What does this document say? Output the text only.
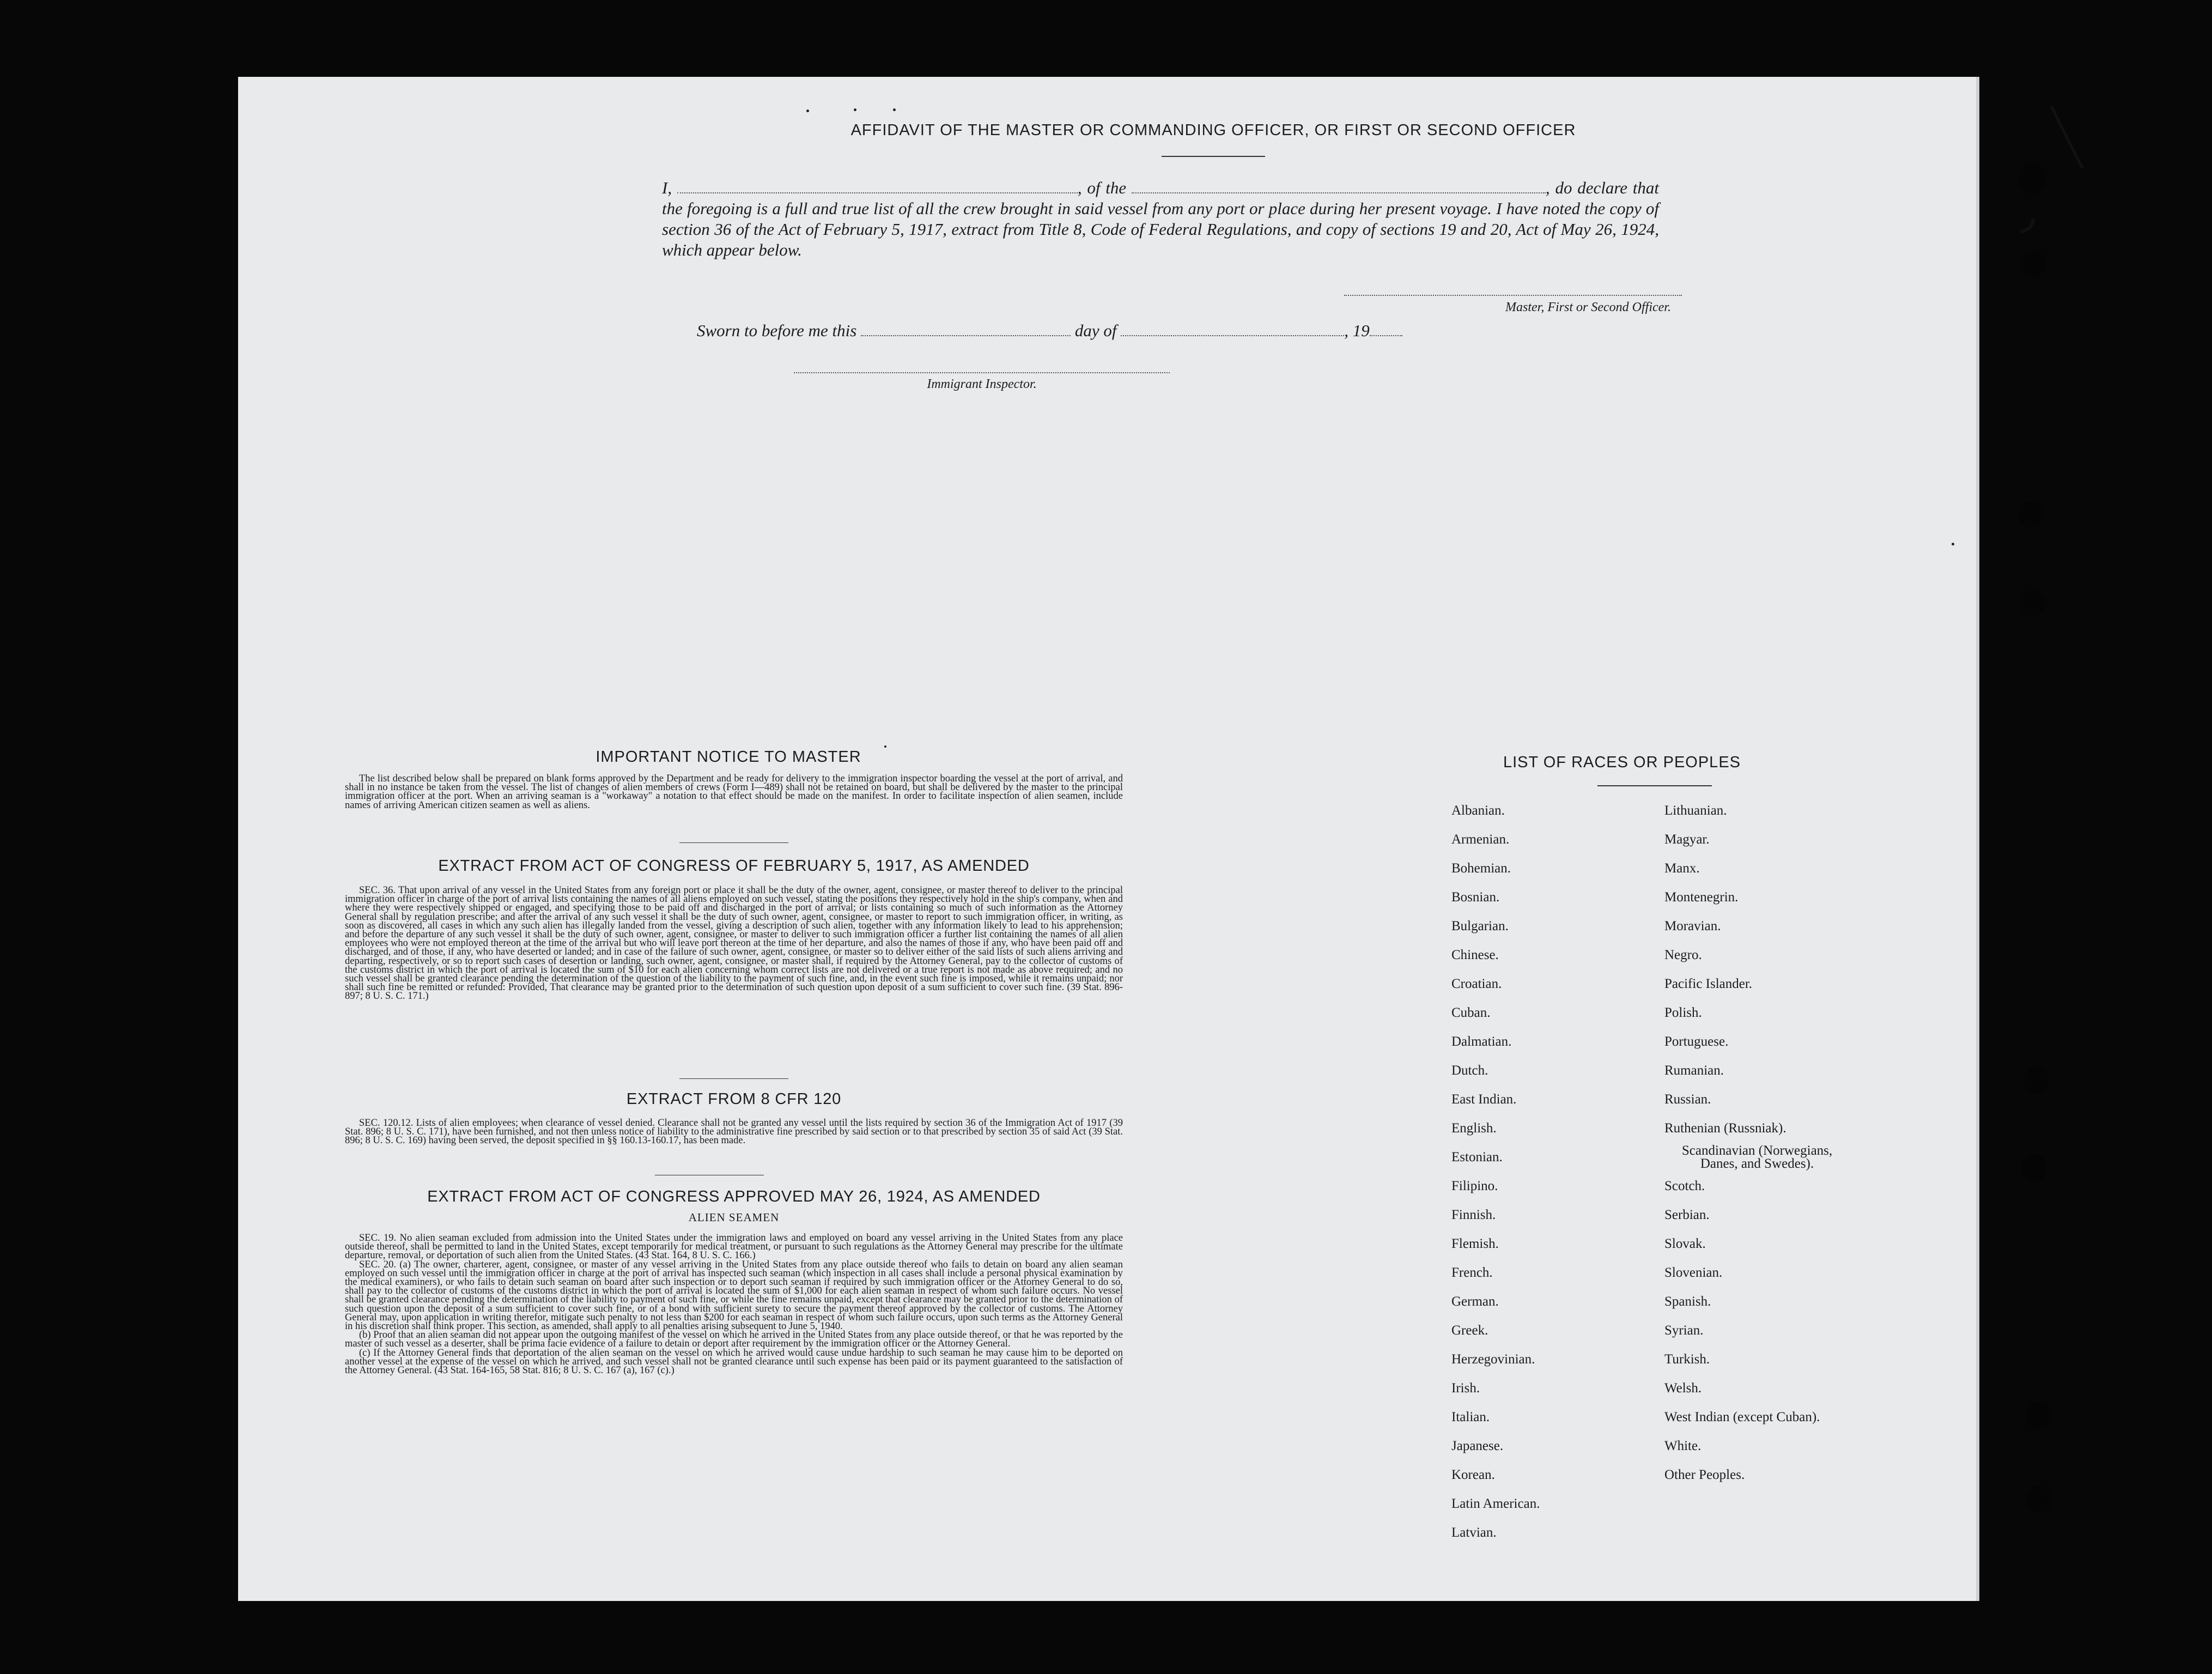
AFFIDAVIT OF THE MASTER OR COMMANDING OFFICER, OR FIRST OR SECOND OFFICER
I,	, of the	, do declare that the foregoing is a full and true list of all the crew brought in said vessel from any port or place during her present voyage. I have noted the copy of section 36 of the Act of February 5, 1917, extract from Title 8, Code of Federal Regulations, and copy of sections 19 and 20, Act of May 26, 1924, which appear below.
Master, First or Second Officer.
Sworn to before me this	day of	, 19
Immigrant Inspector.
IMPORTANT NOTICE TO MASTER

The list described below shall be prepared on blank forms approved by the Department and be ready for delivery to the immigration inspector boarding the vessel at the port of arrival, and shall in no instance be taken from the vessel. The list of changes of alien members of crews (Form I—489) shall not be retained on board, but shall be delivered by the master to the principal immigration officer at the port. When an arriving seaman is a "workaway" a notation to that effect should be made on the manifest. In order to facilitate inspection of alien seamen, include names of arriving American citizen seamen as well as aliens.

EXTRACT FROM ACT OF CONGRESS OF FEBRUARY 5, 1917, AS AMENDED

SEC. 36. That upon arrival of any vessel in the United States from any foreign port or place it shall be the duty of the owner, agent, consignee, or master thereof to deliver to the principal immigration officer in charge of the port of arrival lists containing the names of all aliens employed on such vessel, stating the positions they respectively hold in the ship's company, when and where they were respectively shipped or engaged, and specifying those to be paid off and discharged in the port of arrival; or lists containing so much of such information as the Attorney General shall by regulation prescribe; and after the arrival of any such vessel it shall be the duty of such owner, agent, consignee, or master to report to such immigration officer, in writing, as soon as discovered, all cases in which any such alien has illegally landed from the vessel, giving a description of such alien, together with any information likely to lead to his apprehension; and before the departure of any such vessel it shall be the duty of such owner, agent, consignee, or master to deliver to such immigration officer a further list containing the names of all alien employees who were not employed thereon at the time of the arrival but who will leave port thereon at the time of her departure, and also the names of those if any, who have been paid off and discharged, and of those, if any, who have deserted or landed; and in case of the failure of such owner, agent, consignee, or master so to deliver either of the said lists of such aliens arriving and departing, respectively, or so to report such cases of desertion or landing, such owner, agent, consignee, or master shall, if required by the Attorney General, pay to the collector of customs of the customs district in which the port of arrival is located the sum of $10 for each alien concerning whom correct lists are not delivered or a true report is not made as above required; and no such vessel shall be granted clearance pending the determination of the question of the liability to the payment of such fine, and, in the event such fine is imposed, while it remains unpaid; nor shall such fine be remitted or refunded: Provided, That clearance may be granted prior to the determination of such question upon deposit of a sum sufficient to cover such fine. (39 Stat. 896-897; 8 U. S. C. 171.)

EXTRACT FROM 8 CFR 120

SEC. 120.12. Lists of alien employees; when clearance of vessel denied. Clearance shall not be granted any vessel until the lists required by section 36 of the Immigration Act of 1917 (39 Stat. 896; 8 U. S. C. 171), have been furnished, and not then unless notice of liability to the administrative fine prescribed by said section or to that prescribed by section 35 of said Act (39 Stat. 896; 8 U. S. C. 169) having been served, the deposit specified in §§ 160.13-160.17, has been made.

EXTRACT FROM ACT OF CONGRESS APPROVED MAY 26, 1924, AS AMENDED
ALIEN SEAMEN

SEC. 19. No alien seaman excluded from admission into the United States under the immigration laws and employed on board any vessel arriving in the United States from any place outside thereof, shall be permitted to land in the United States, except temporarily for medical treatment, or pursuant to such regulations as the Attorney General may prescribe for the ultimate departure, removal, or deportation of such alien from the United States. (43 Stat. 164, 8 U. S. C. 166.)

SEC. 20. (a) The owner, charterer, agent, consignee, or master of any vessel arriving in the United States from any place outside thereof who fails to detain on board any alien seaman employed on such vessel until the immigration officer in charge at the port of arrival has inspected such seaman (which inspection in all cases shall include a personal physical examination by the medical examiners), or who fails to detain such seaman on board after such inspection or to deport such seaman if required by such immigration officer or the Attorney General to do so, shall pay to the collector of customs of the customs district in which the port of arrival is located the sum of $1,000 for each alien seaman in respect of whom such failure occurs. No vessel shall be granted clearance pending the determination of the liability to payment of such fine, or while the fine remains unpaid, except that clearance may be granted prior to the determination of such question upon the deposit of a sum sufficient to cover such fine, or of a bond with sufficient surety to secure the payment thereof approved by the collector of customs. The Attorney General may, upon application in writing therefor, mitigate such penalty to not less than $200 for each seaman in respect of whom such failure occurs, upon such terms as the Attorney General in his discretion shall think proper. This section, as amended, shall apply to all penalties arising subsequent to June 5, 1940.

(b) Proof that an alien seaman did not appear upon the outgoing manifest of the vessel on which he arrived in the United States from any place outside thereof, or that he was reported by the master of such vessel as a deserter, shall be prima facie evidence of a failure to detain or deport after requirement by the immigration officer or the Attorney General.

(c) If the Attorney General finds that deportation of the alien seaman on the vessel on which he arrived would cause undue hardship to such seaman he may cause him to be deported on another vessel at the expense of the vessel on which he arrived, and such vessel shall not be granted clearance until such expense has been paid or its payment guaranteed to the satisfaction of the Attorney General. (43 Stat. 164-165, 58 Stat. 816; 8 U. S. C. 167 (a), 167 (c).)

LIST OF RACES OR PEOPLES
Albanian.
Armenian.
Bohemian.
Bosnian.
Bulgarian.
Chinese.
Croatian.
Cuban.
Dalmatian.
Dutch.
East Indian.
English.
Estonian.
Filipino.
Finnish.
Flemish.
French.
German.
Greek.
Herzegovinian.
Irish.
Italian.
Japanese.
Korean.
Latin American.
Latvian.
Lithuanian.
Magyar.
Manx.
Montenegrin.
Moravian.
Negro.
Pacific Islander.
Polish.
Portuguese.
Rumanian.
Russian.
Ruthenian (Russniak).
Scandinavian (Norwegians, Danes, and Swedes).
Scotch.
Serbian.
Slovak.
Slovenian.
Spanish.
Syrian.
Turkish.
Welsh.
West Indian (except Cuban).
White.
Other Peoples.
